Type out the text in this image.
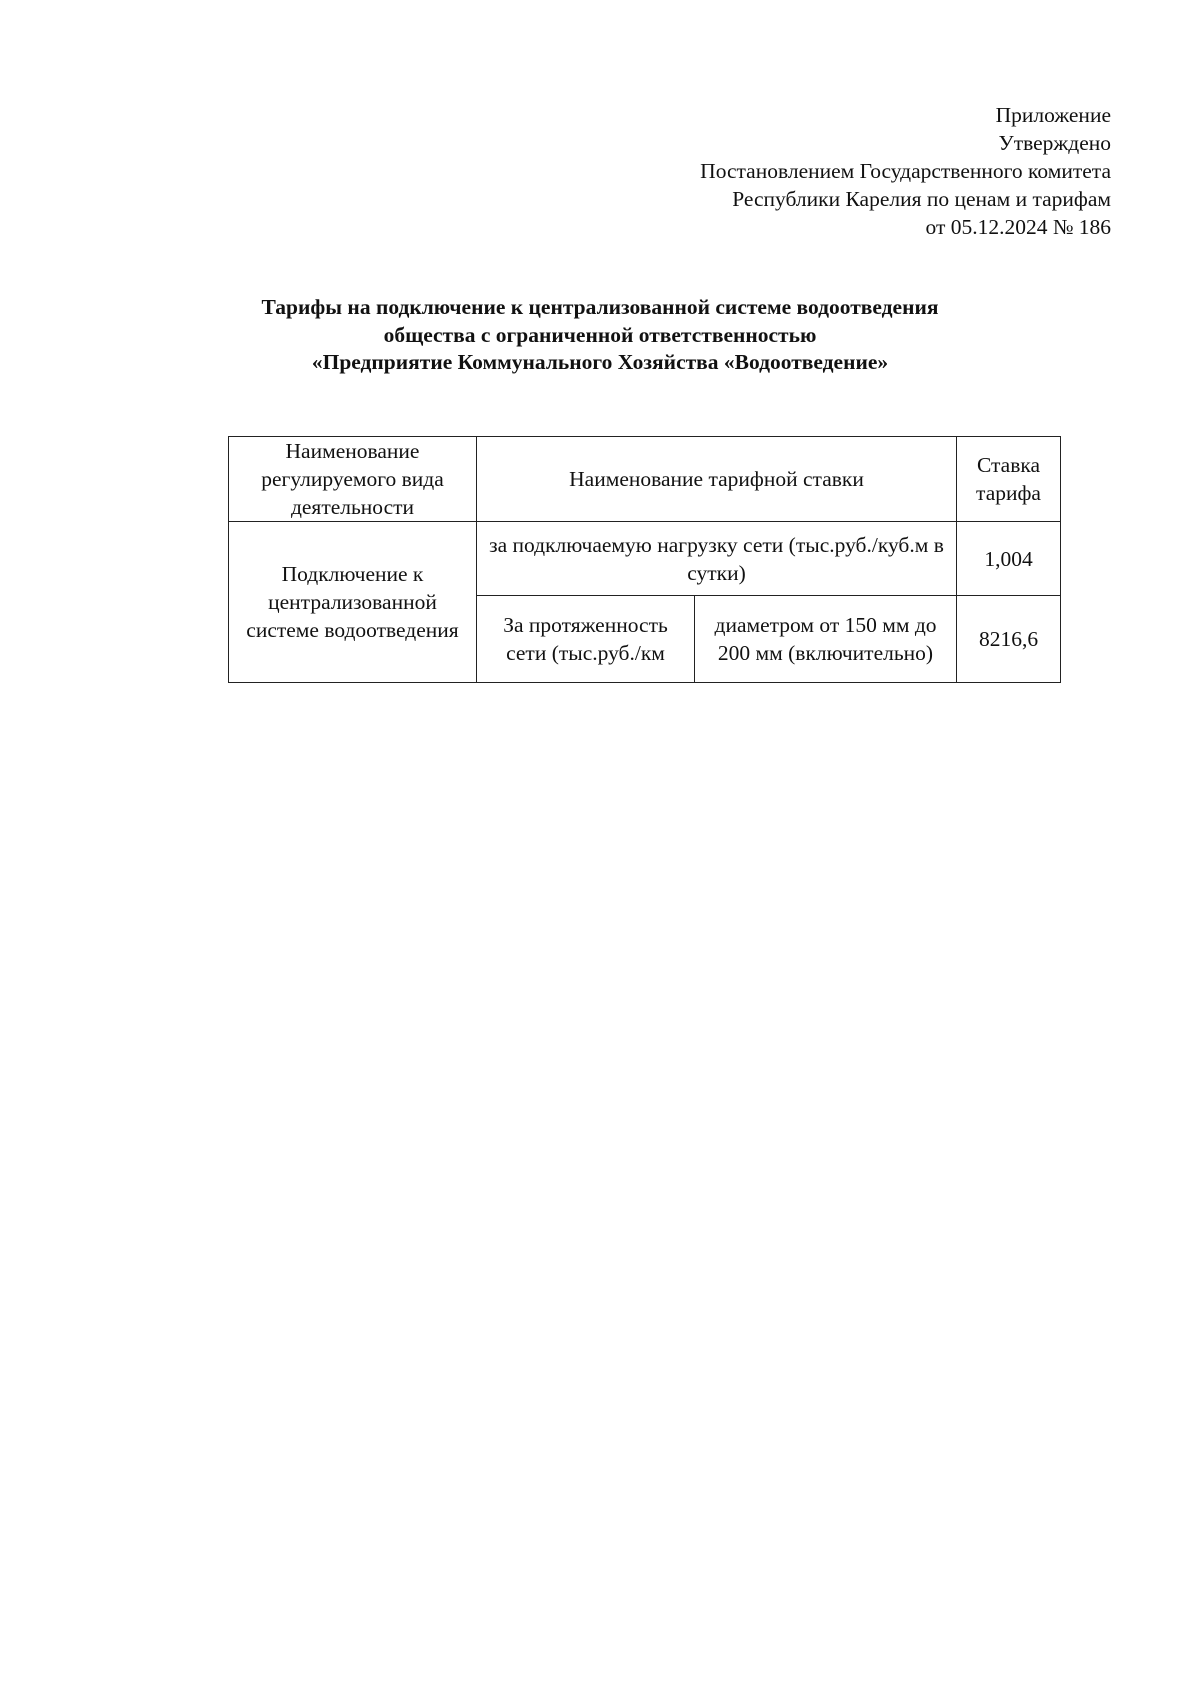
Приложение
Утверждено
Постановлением Государственного комитета
Республики Карелия по ценам и тарифам
от 05.12.2024 № 186
Тарифы на подключение к централизованной системе водоотведения
общества с ограниченной ответственностью
«Предприятие Коммунального Хозяйства «Водоотведение»
Наименование регулируемого вида деятельности	Наименование тарифной ставки		Ставка тарифа
Подключение к централизованной системе водоотведения	за подключаемую нагрузку сети (тыс.руб./куб.м в сутки)		1,004
	За протяженность сети (тыс.руб./км	диаметром от 150 мм до 200 мм (включительно)	8216,6
